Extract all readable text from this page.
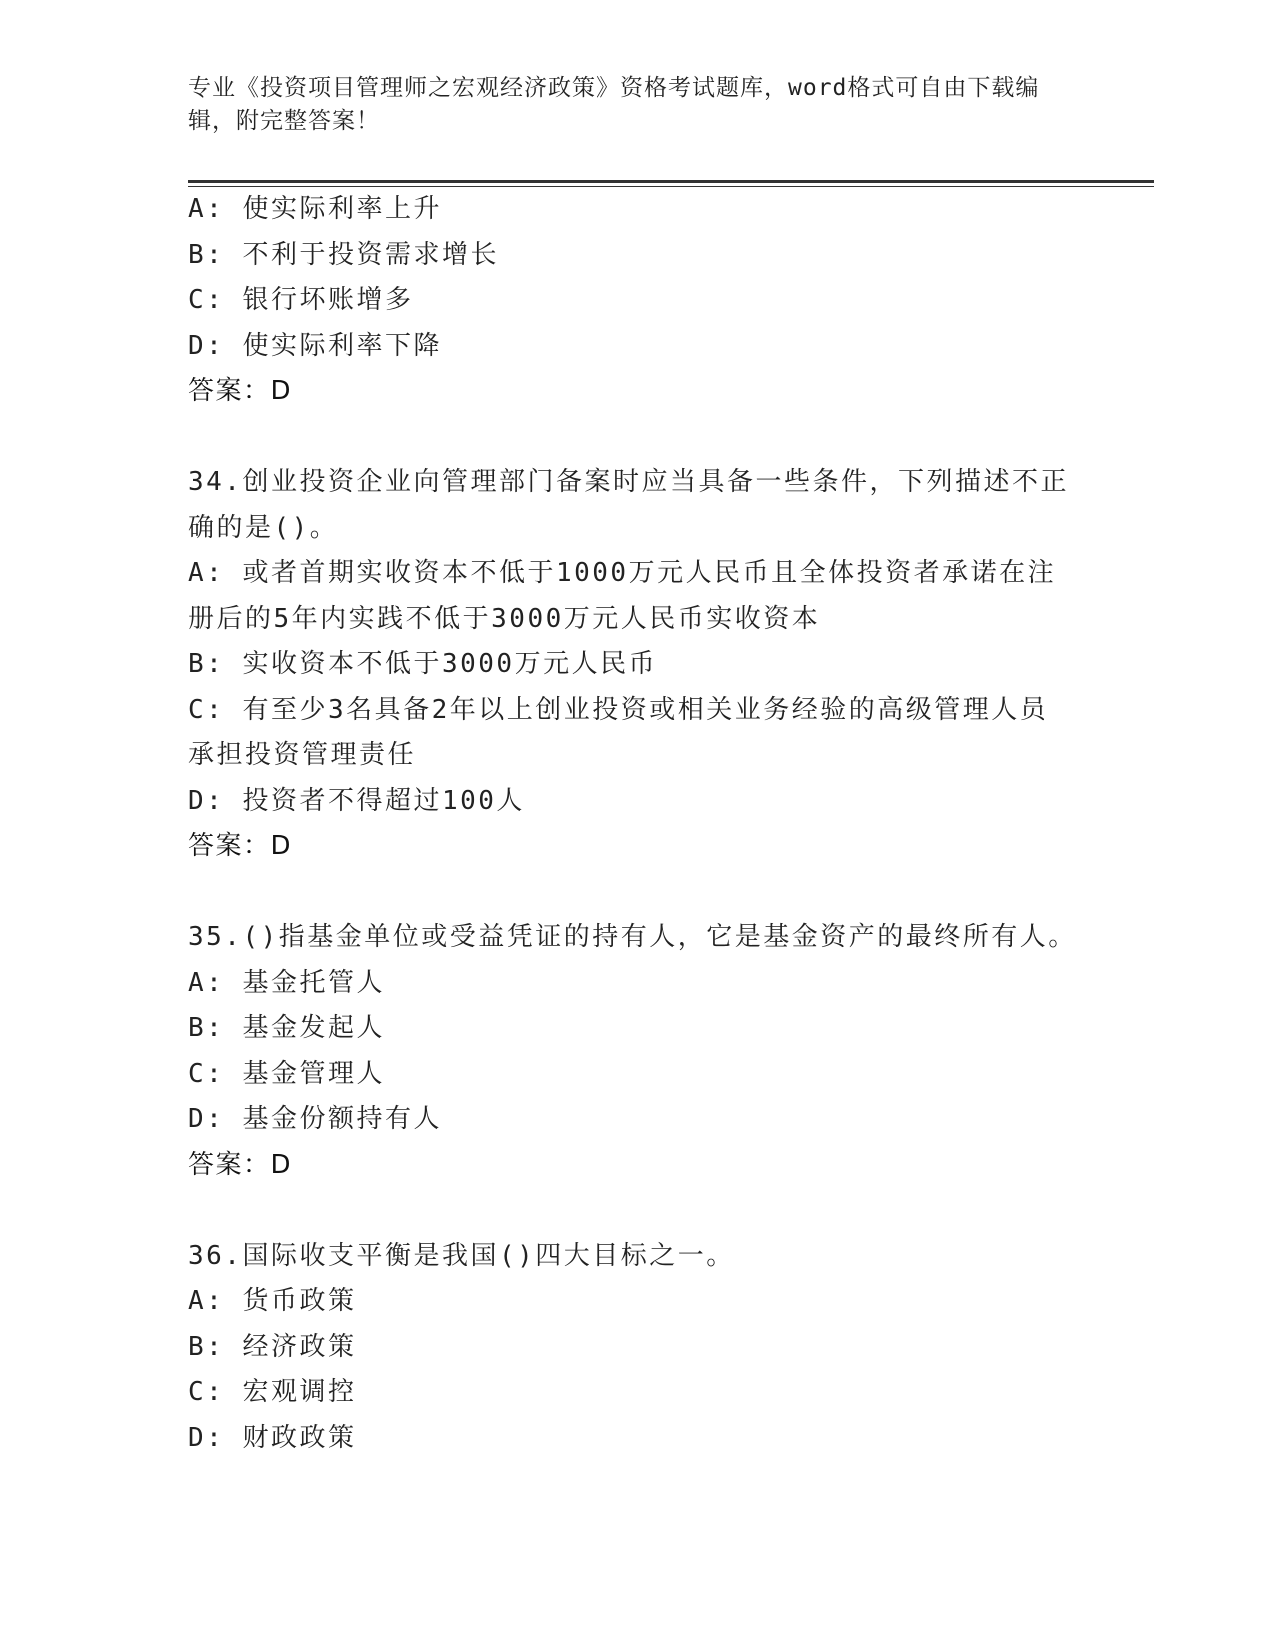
专业《投资项目管理师之宏观经济政策》资格考试题库，word格式可自由下载编
辑，附完整答案！
A: 使实际利率上升
B: 不利于投资需求增长
C: 银行坏账增多
D: 使实际利率下降
答案：D
34.创业投资企业向管理部门备案时应当具备一些条件，下列描述不正
确的是()。
A: 或者首期实收资本不低于1000万元人民币且全体投资者承诺在注
册后的5年内实践不低于3000万元人民币实收资本
B: 实收资本不低于3000万元人民币
C: 有至少3名具备2年以上创业投资或相关业务经验的高级管理人员
承担投资管理责任
D: 投资者不得超过100人
答案：D
35.()指基金单位或受益凭证的持有人，它是基金资产的最终所有人。
A: 基金托管人
B: 基金发起人
C: 基金管理人
D: 基金份额持有人
答案：D
36.国际收支平衡是我国()四大目标之一。
A: 货币政策
B: 经济政策
C: 宏观调控
D: 财政政策
